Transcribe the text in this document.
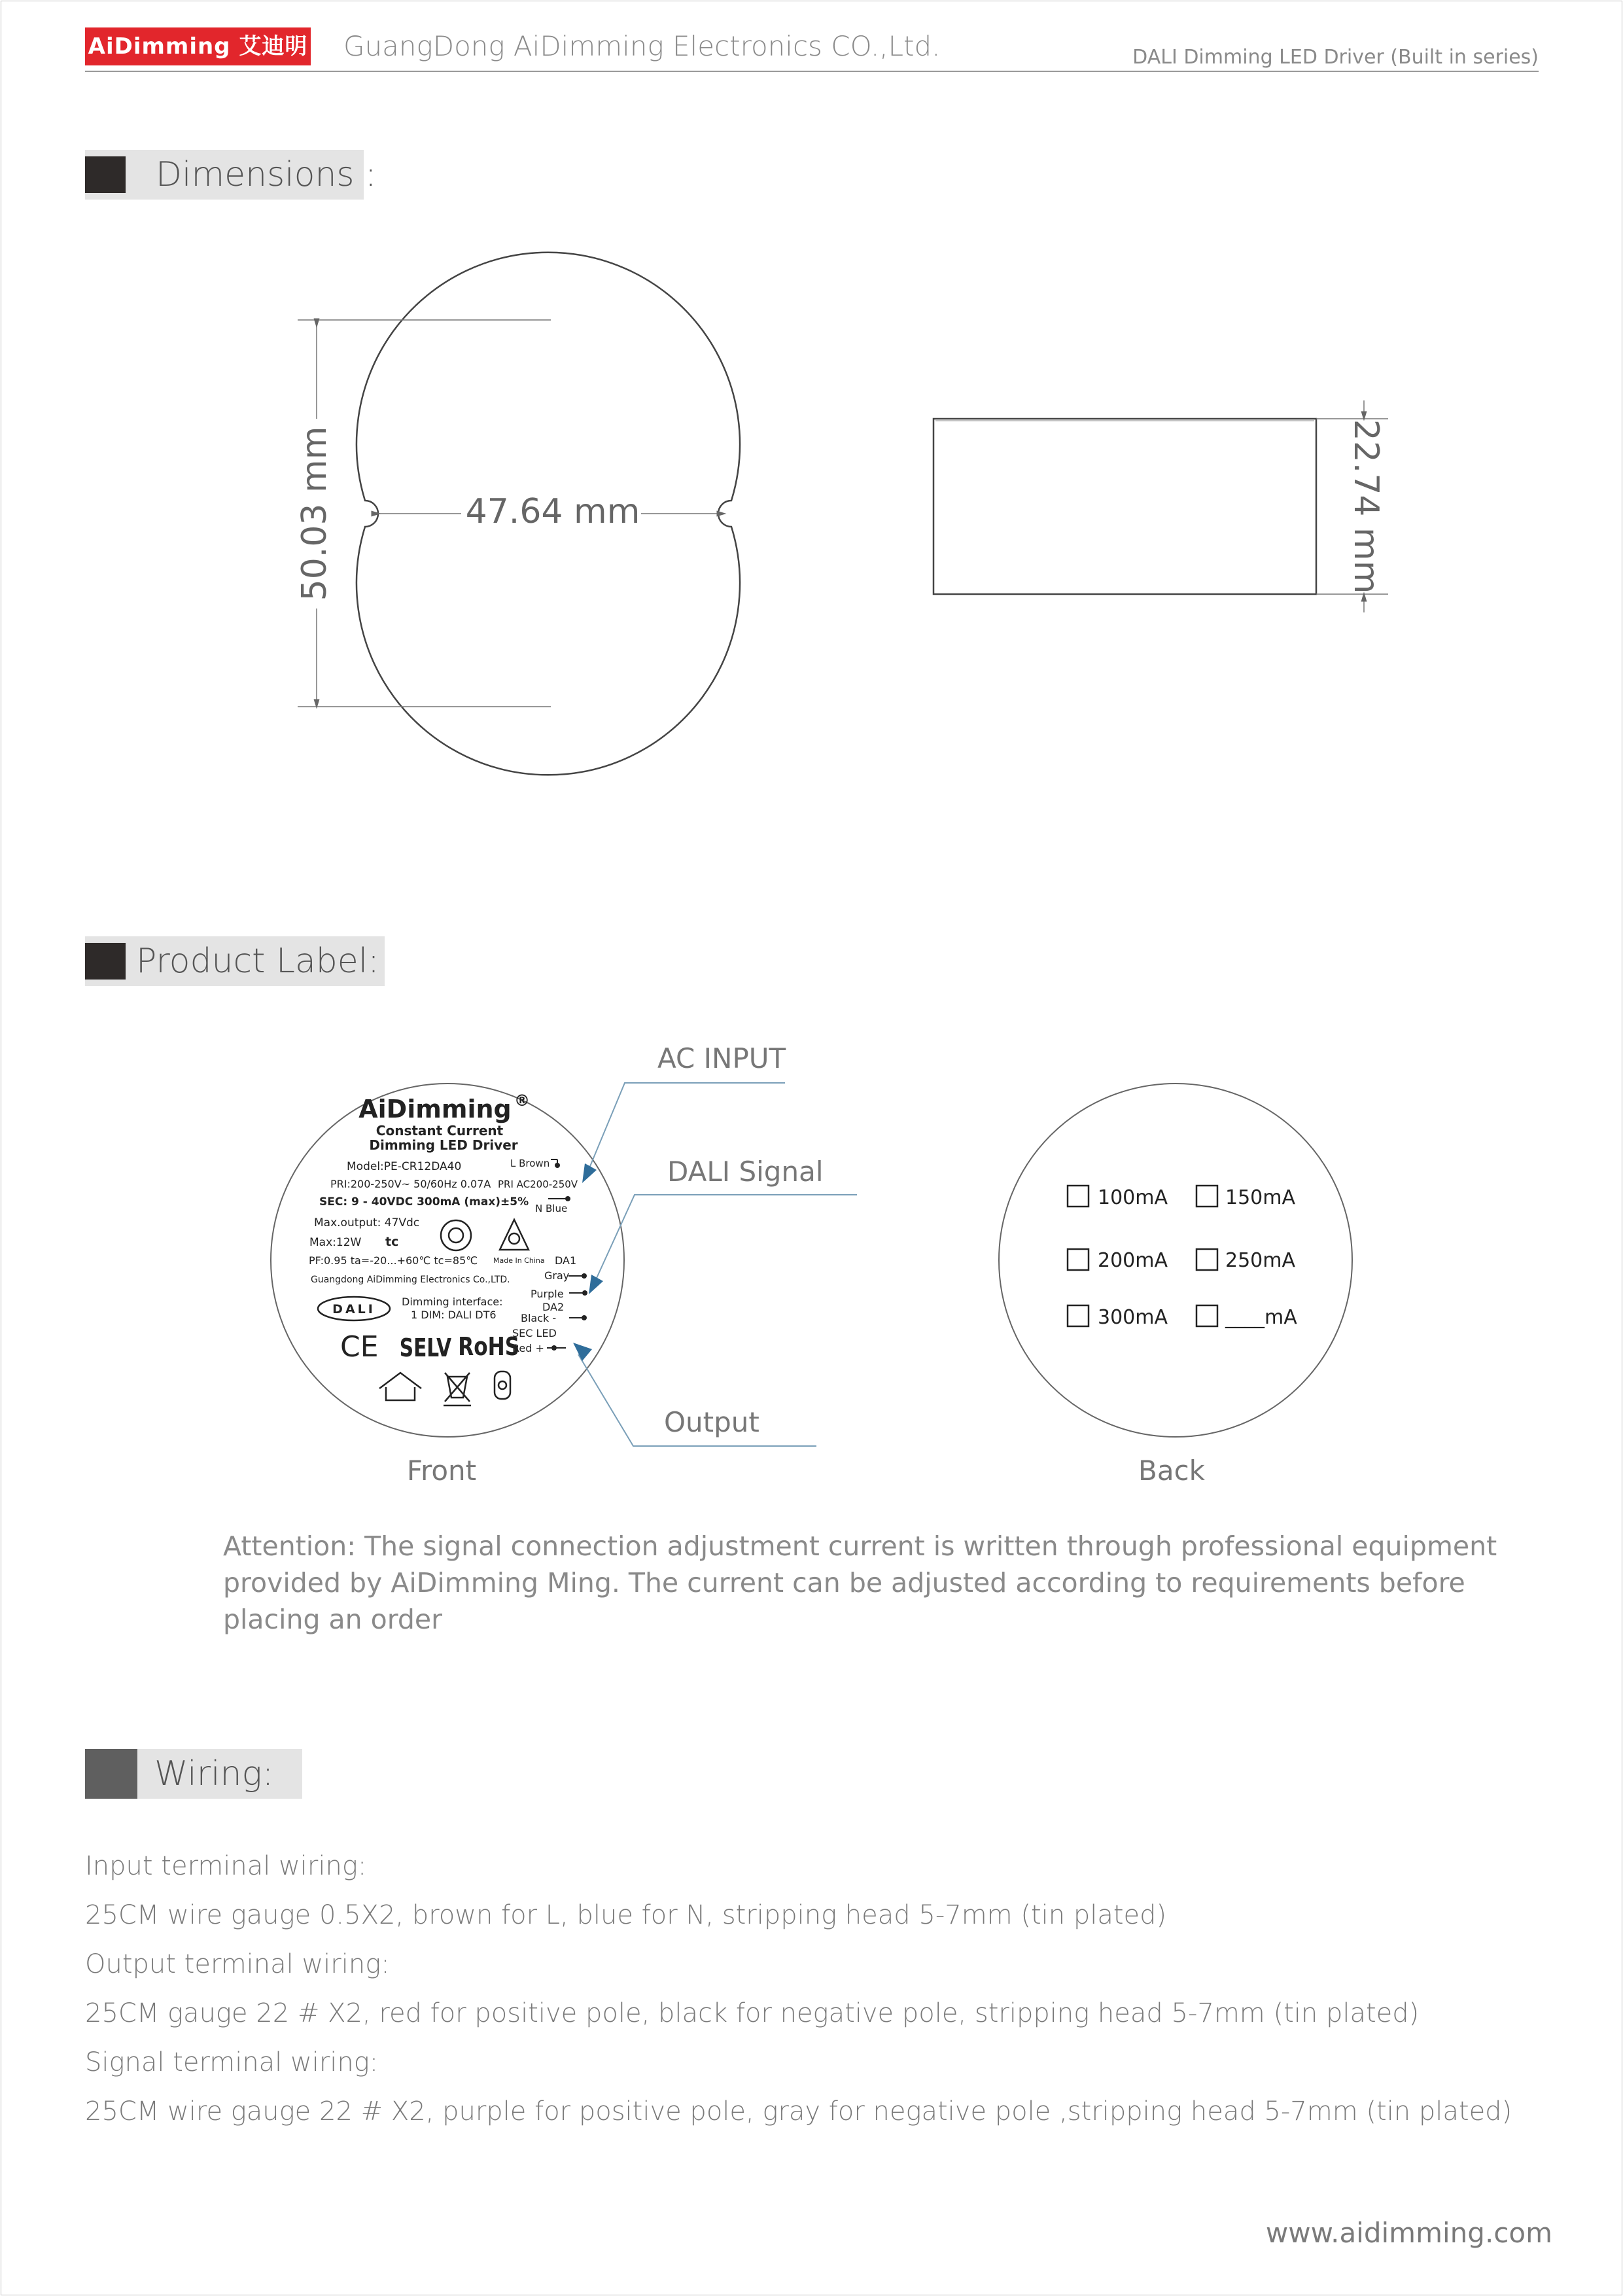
AiDimming 艾迪明 GuangDong AiDimming Electronics CO.,Ltd.	DALI Dimming LED Driver (Built in series)
Dimensions :
Product Label:
Wiring:
50.03 mm	47.64 mm	22.74 mm
AiDimming ®
Constant Current
Dimming LED Driver
Model:PE-CR12DA40	L Brown
PRI:200-250V~ 50/60Hz 0.07A PRI AC200-250V
SEC: 9 - 40VDC 300mA (max)±5% N Blue
Max.output: 47Vdc
Max:12W tc
PF:0.95 ta=-20...+60℃ tc=85℃ Made In China DA1
Gray
Guangdong AiDimming Electronics Co.,LTD.
Purple
DA2
Dimming interface:
1 DIM: DALI DT6 Black -
SEC LED
Red +
CE SELV RoHS
DALI
AC INPUT
DALI Signal
Output
Front
100mA	150mA
200mA	250mA
300mA	____mA
Back
Attention: The signal connection adjustment current is written through professional equipment provided by AiDimming Ming. The current can be adjusted according to requirements before placing an order
Input terminal wiring:
25CM wire gauge 0.5X2, brown for L, blue for N, stripping head 5-7mm (tin plated)
Output terminal wiring:
25CM gauge 22 # X2, red for positive pole, black for negative pole, stripping head 5-7mm (tin plated)
Signal terminal wiring:
25CM wire gauge 22 # X2, purple for positive pole, gray for negative pole ,stripping head 5-7mm (tin plated)
www.aidimming.com
